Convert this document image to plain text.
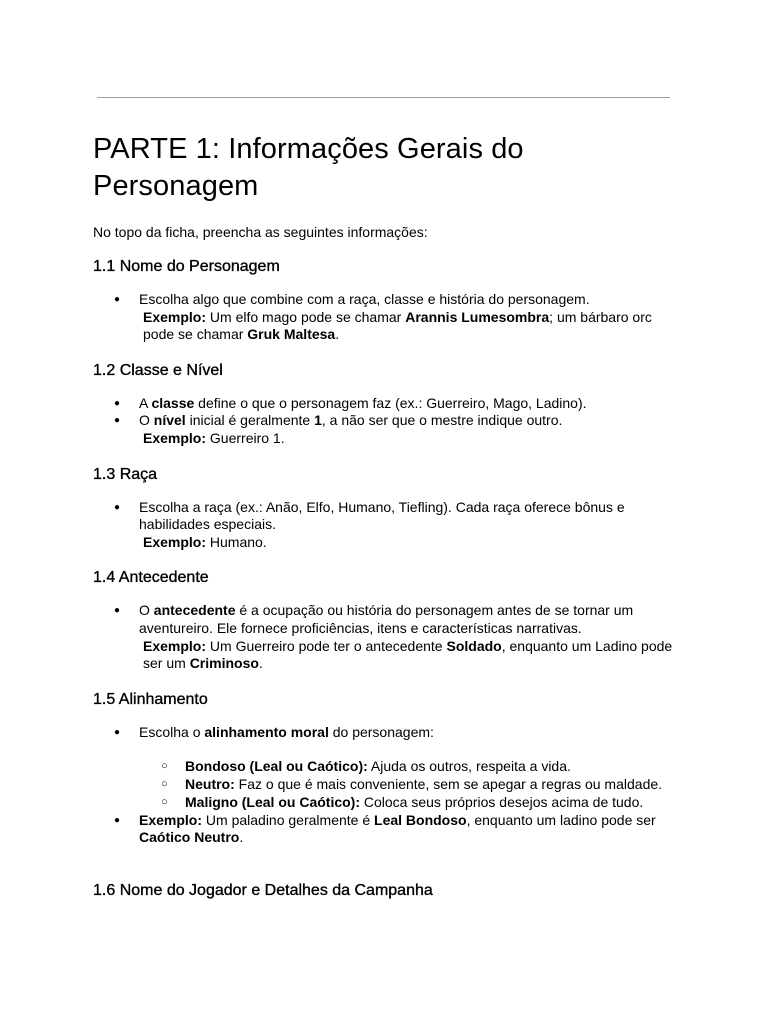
PARTE 1: Informações Gerais do Personagem

No topo da ficha, preencha as seguintes informações:

1.1 Nome do Personagem
● Escolha algo que combine com a raça, classe e história do personagem.
Exemplo: Um elfo mago pode se chamar Arannis Lumesombra; um bárbaro orc pode se chamar Gruk Maltesa.
1.2 Classe e Nível
● A classe define o que o personagem faz (ex.: Guerreiro, Mago, Ladino).
● O nível inicial é geralmente 1, a não ser que o mestre indique outro.
Exemplo: Guerreiro 1.
1.3 Raça
● Escolha a raça (ex.: Anão, Elfo, Humano, Tiefling). Cada raça oferece bônus e habilidades especiais.
Exemplo: Humano.
1.4 Antecedente
● O antecedente é a ocupação ou história do personagem antes de se tornar um aventureiro. Ele fornece proficiências, itens e características narrativas.
Exemplo: Um Guerreiro pode ter o antecedente Soldado, enquanto um Ladino pode ser um Criminoso.
1.5 Alinhamento
● Escolha o alinhamento moral do personagem:
○ Bondoso (Leal ou Caótico): Ajuda os outros, respeita a vida.
○ Neutro: Faz o que é mais conveniente, sem se apegar a regras ou maldade.
○ Maligno (Leal ou Caótico): Coloca seus próprios desejos acima de tudo.
● Exemplo: Um paladino geralmente é Leal Bondoso, enquanto um ladino pode ser Caótico Neutro.
1.6 Nome do Jogador e Detalhes da Campanha
